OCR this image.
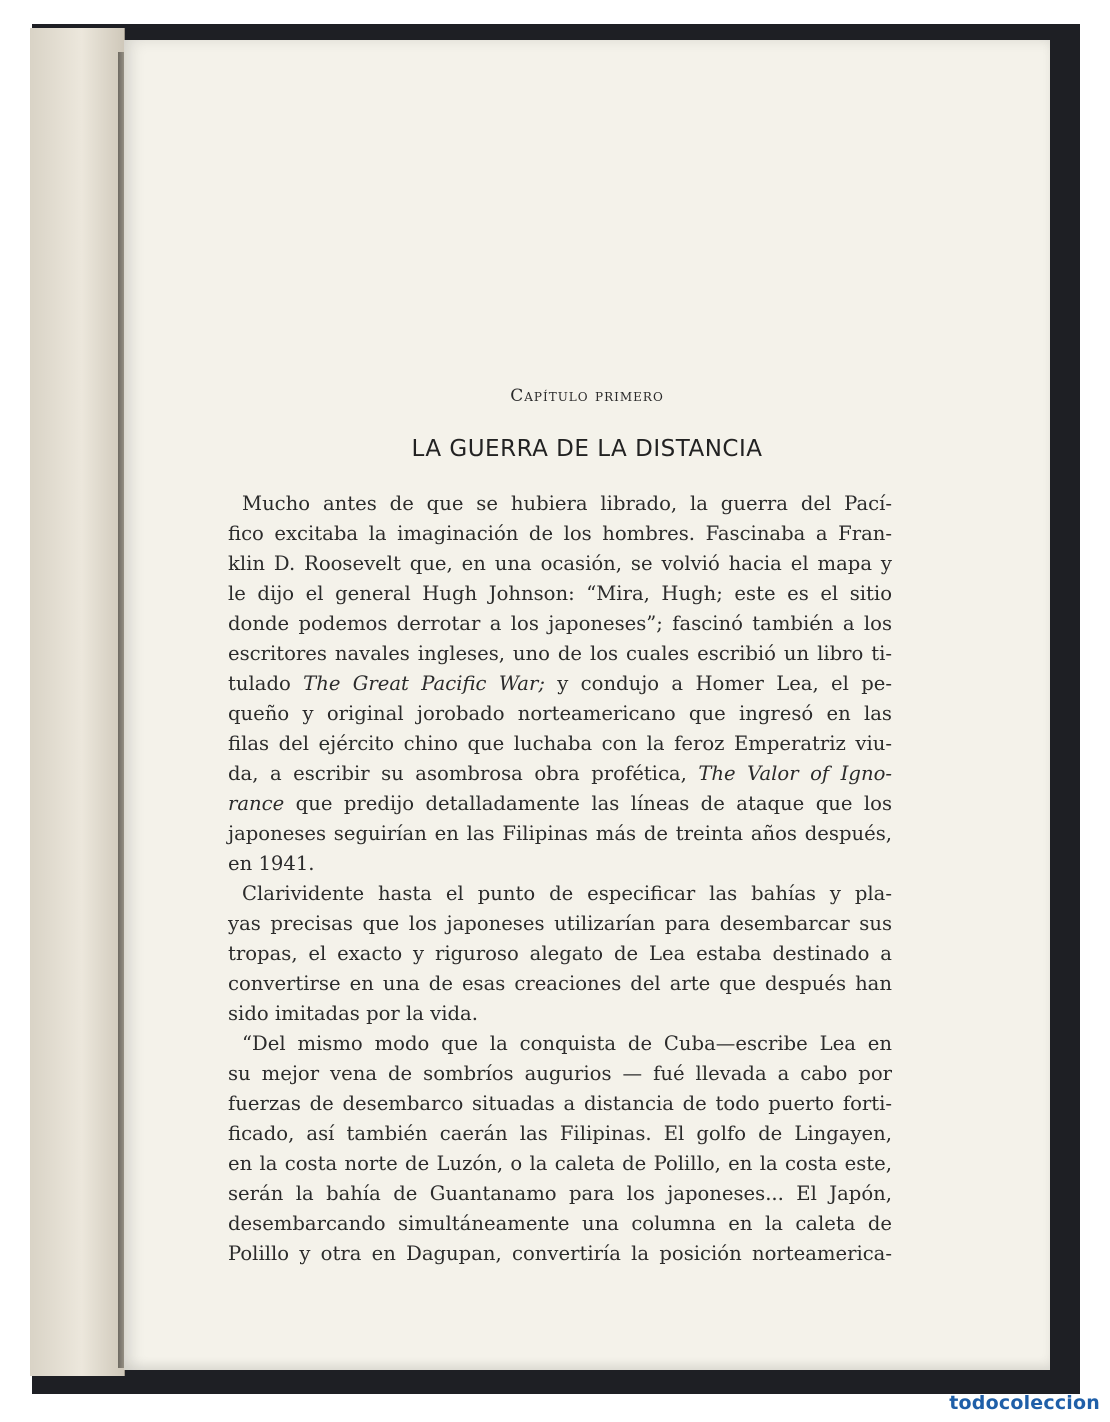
Capítulo primero
LA GUERRA DE LA DISTANCIA
Mucho antes de que se hubiera librado, la guerra del Pací-
fico excitaba la imaginación de los hombres. Fascinaba a Fran-
klin D. Roosevelt que, en una ocasión, se volvió hacia el mapa y
le dijo el general Hugh Johnson: “Mira, Hugh; este es el sitio
donde podemos derrotar a los japoneses”; fascinó también a los
escritores navales ingleses, uno de los cuales escribió un libro ti-
tulado The Great Pacific War; y condujo a Homer Lea, el pe-
queño y original jorobado norteamericano que ingresó en las
filas del ejército chino que luchaba con la feroz Emperatriz viu-
da, a escribir su asombrosa obra profética, The Valor of Igno-
rance que predijo detalladamente las líneas de ataque que los
japoneses seguirían en las Filipinas más de treinta años después,
en 1941.
Clarividente hasta el punto de especificar las bahías y pla-
yas precisas que los japoneses utilizarían para desembarcar sus
tropas, el exacto y riguroso alegato de Lea estaba destinado a
convertirse en una de esas creaciones del arte que después han
sido imitadas por la vida.
“Del mismo modo que la conquista de Cuba—escribe Lea en
su mejor vena de sombríos augurios — fué llevada a cabo por
fuerzas de desembarco situadas a distancia de todo puerto forti-
ficado, así también caerán las Filipinas. El golfo de Lingayen,
en la costa norte de Luzón, o la caleta de Polillo, en la costa este,
serán la bahía de Guantanamo para los japoneses... El Japón,
desembarcando simultáneamente una columna en la caleta de
Polillo y otra en Dagupan, convertiría la posición norteamerica-
todocoleccion
